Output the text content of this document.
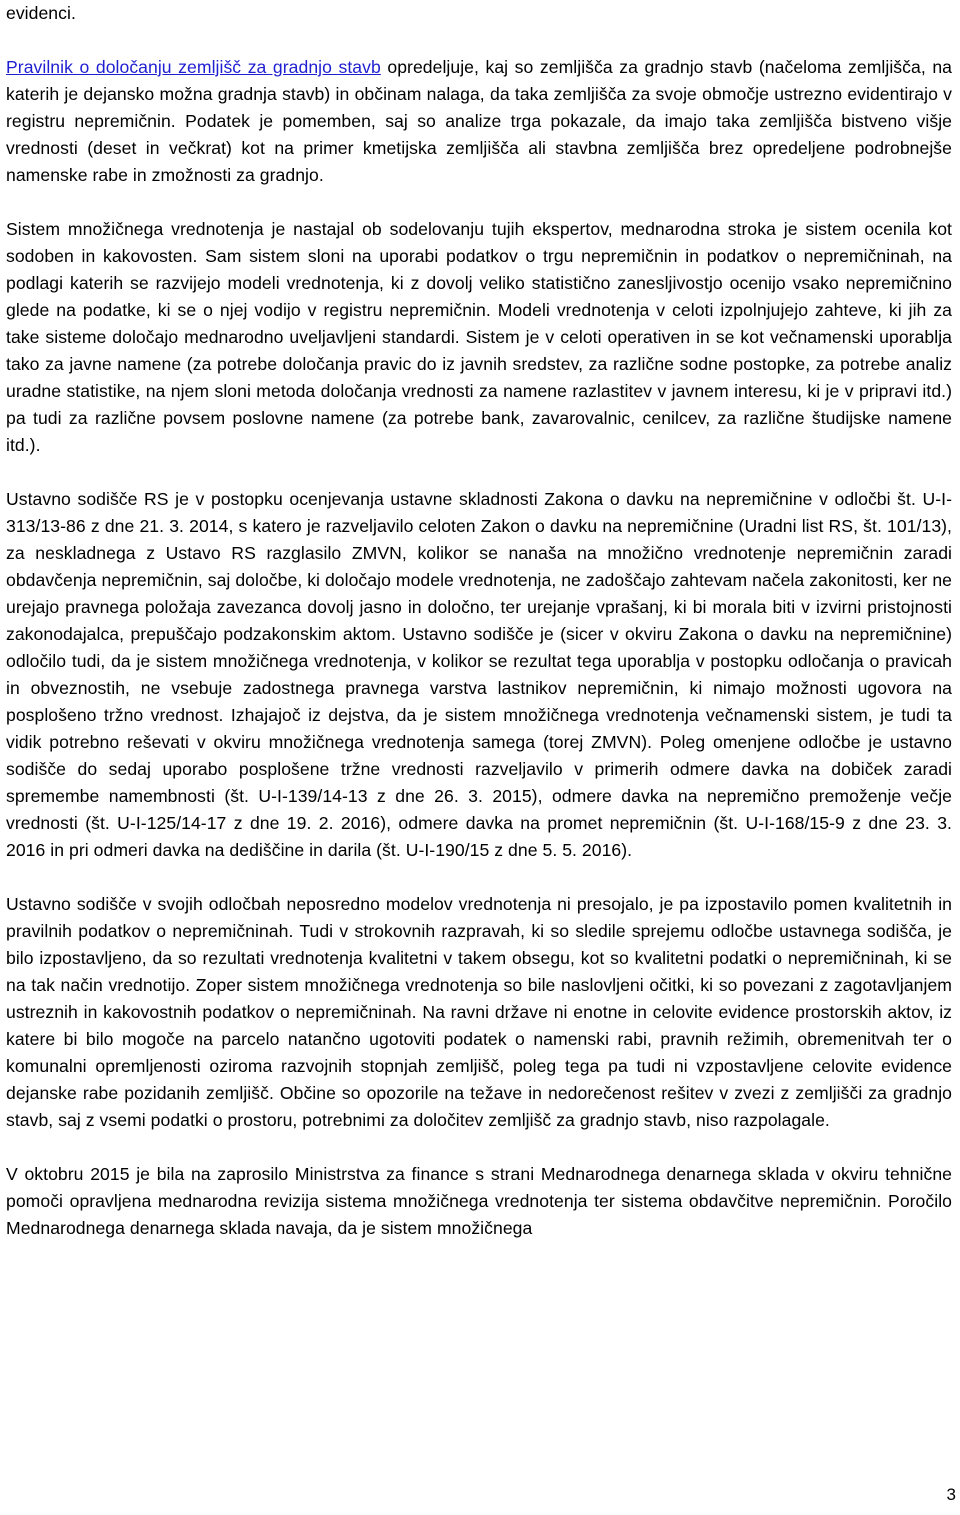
evidenci.

Pravilnik o določanju zemljišč za gradnjo stavb opredeljuje, kaj so zemljišča za gradnjo stavb (načeloma zemljišča, na katerih je dejansko možna gradnja stavb) in občinam nalaga, da taka zemljišča za svoje območje ustrezno evidentirajo v registru nepremičnin. Podatek je pomemben, saj so analize trga pokazale, da imajo taka zemljišča bistveno višje vrednosti (deset in večkrat) kot na primer kmetijska zemljišča ali stavbna zemljišča brez opredeljene podrobnejše namenske rabe in zmožnosti za gradnjo.

Sistem množičnega vrednotenja je nastajal ob sodelovanju tujih ekspertov, mednarodna stroka je sistem ocenila kot sodoben in kakovosten. Sam sistem sloni na uporabi podatkov o trgu nepremičnin in podatkov o nepremičninah, na podlagi katerih se razvijejo modeli vrednotenja, ki z dovolj veliko statistično zanesljivostjo ocenijo vsako nepremičnino glede na podatke, ki se o njej vodijo v registru nepremičnin. Modeli vrednotenja v celoti izpolnjujejo zahteve, ki jih za take sisteme določajo mednarodno uveljavljeni standardi. Sistem je v celoti operativen in se kot večnamenski uporablja tako za javne namene (za potrebe določanja pravic do iz javnih sredstev, za različne sodne postopke, za potrebe analiz uradne statistike, na njem sloni metoda določanja vrednosti za namene razlastitev v javnem interesu, ki je v pripravi itd.) pa tudi za različne povsem poslovne namene (za potrebe bank, zavarovalnic, cenilcev, za različne študijske namene itd.).

Ustavno sodišče RS je v postopku ocenjevanja ustavne skladnosti Zakona o davku na nepremičnine v odločbi št. U-I-313/13-86 z dne 21. 3. 2014, s katero je razveljavilo celoten Zakon o davku na nepremičnine (Uradni list RS, št. 101/13), za neskladnega z Ustavo RS razglasilo ZMVN, kolikor se nanaša na množično vrednotenje nepremičnin zaradi obdavčenja nepremičnin, saj določbe, ki določajo modele vrednotenja, ne zadoščajo zahtevam načela zakonitosti, ker ne urejajo pravnega položaja zavezanca dovolj jasno in določno, ter urejanje vprašanj, ki bi morala biti v izvirni pristojnosti zakonodajalca, prepuščajo podzakonskim aktom. Ustavno sodišče je (sicer v okviru Zakona o davku na nepremičnine) odločilo tudi, da je sistem množičnega vrednotenja, v kolikor se rezultat tega uporablja v postopku odločanja o pravicah in obveznostih, ne vsebuje zadostnega pravnega varstva lastnikov nepremičnin, ki nimajo možnosti ugovora na posplošeno tržno vrednost. Izhajajoč iz dejstva, da je sistem množičnega vrednotenja večnamenski sistem, je tudi ta vidik potrebno reševati v okviru množičnega vrednotenja samega (torej ZMVN). Poleg omenjene odločbe je ustavno sodišče do sedaj uporabo posplošene tržne vrednosti razveljavilo v primerih odmere davka na dobiček zaradi spremembe namembnosti (št. U-I-139/14-13 z dne 26. 3. 2015), odmere davka na nepremično premoženje večje vrednosti (št. U-I-125/14-17 z dne 19. 2. 2016), odmere davka na promet nepremičnin (št. U-I-168/15-9 z dne 23. 3. 2016 in pri odmeri davka na dediščine in darila (št. U-I-190/15 z dne 5. 5. 2016).

Ustavno sodišče v svojih odločbah neposredno modelov vrednotenja ni presojalo, je pa izpostavilo pomen kvalitetnih in pravilnih podatkov o nepremičninah. Tudi v strokovnih razpravah, ki so sledile sprejemu odločbe ustavnega sodišča, je bilo izpostavljeno, da so rezultati vrednotenja kvalitetni v takem obsegu, kot so kvalitetni podatki o nepremičninah, ki se na tak način vrednotijo. Zoper sistem množičnega vrednotenja so bile naslovljeni očitki, ki so povezani z zagotavljanjem ustreznih in kakovostnih podatkov o nepremičninah. Na ravni države ni enotne in celovite evidence prostorskih aktov, iz katere bi bilo mogoče na parcelo natančno ugotoviti podatek o namenski rabi, pravnih režimih, obremenitvah ter o komunalni opremljenosti oziroma razvojnih stopnjah zemljišč, poleg tega pa tudi ni vzpostavljene celovite evidence dejanske rabe pozidanih zemljišč. Občine so opozorile na težave in nedorečenost rešitev v zvezi z zemljišči za gradnjo stavb, saj z vsemi podatki o prostoru, potrebnimi za določitev zemljišč za gradnjo stavb, niso razpolagale.

V oktobru 2015 je bila na zaprosilo Ministrstva za finance s strani Mednarodnega denarnega sklada v okviru tehnične pomoči opravljena mednarodna revizija sistema množičnega vrednotenja ter sistema obdavčitve nepremičnin. Poročilo Mednarodnega denarnega sklada navaja, da je sistem množičnega

3
